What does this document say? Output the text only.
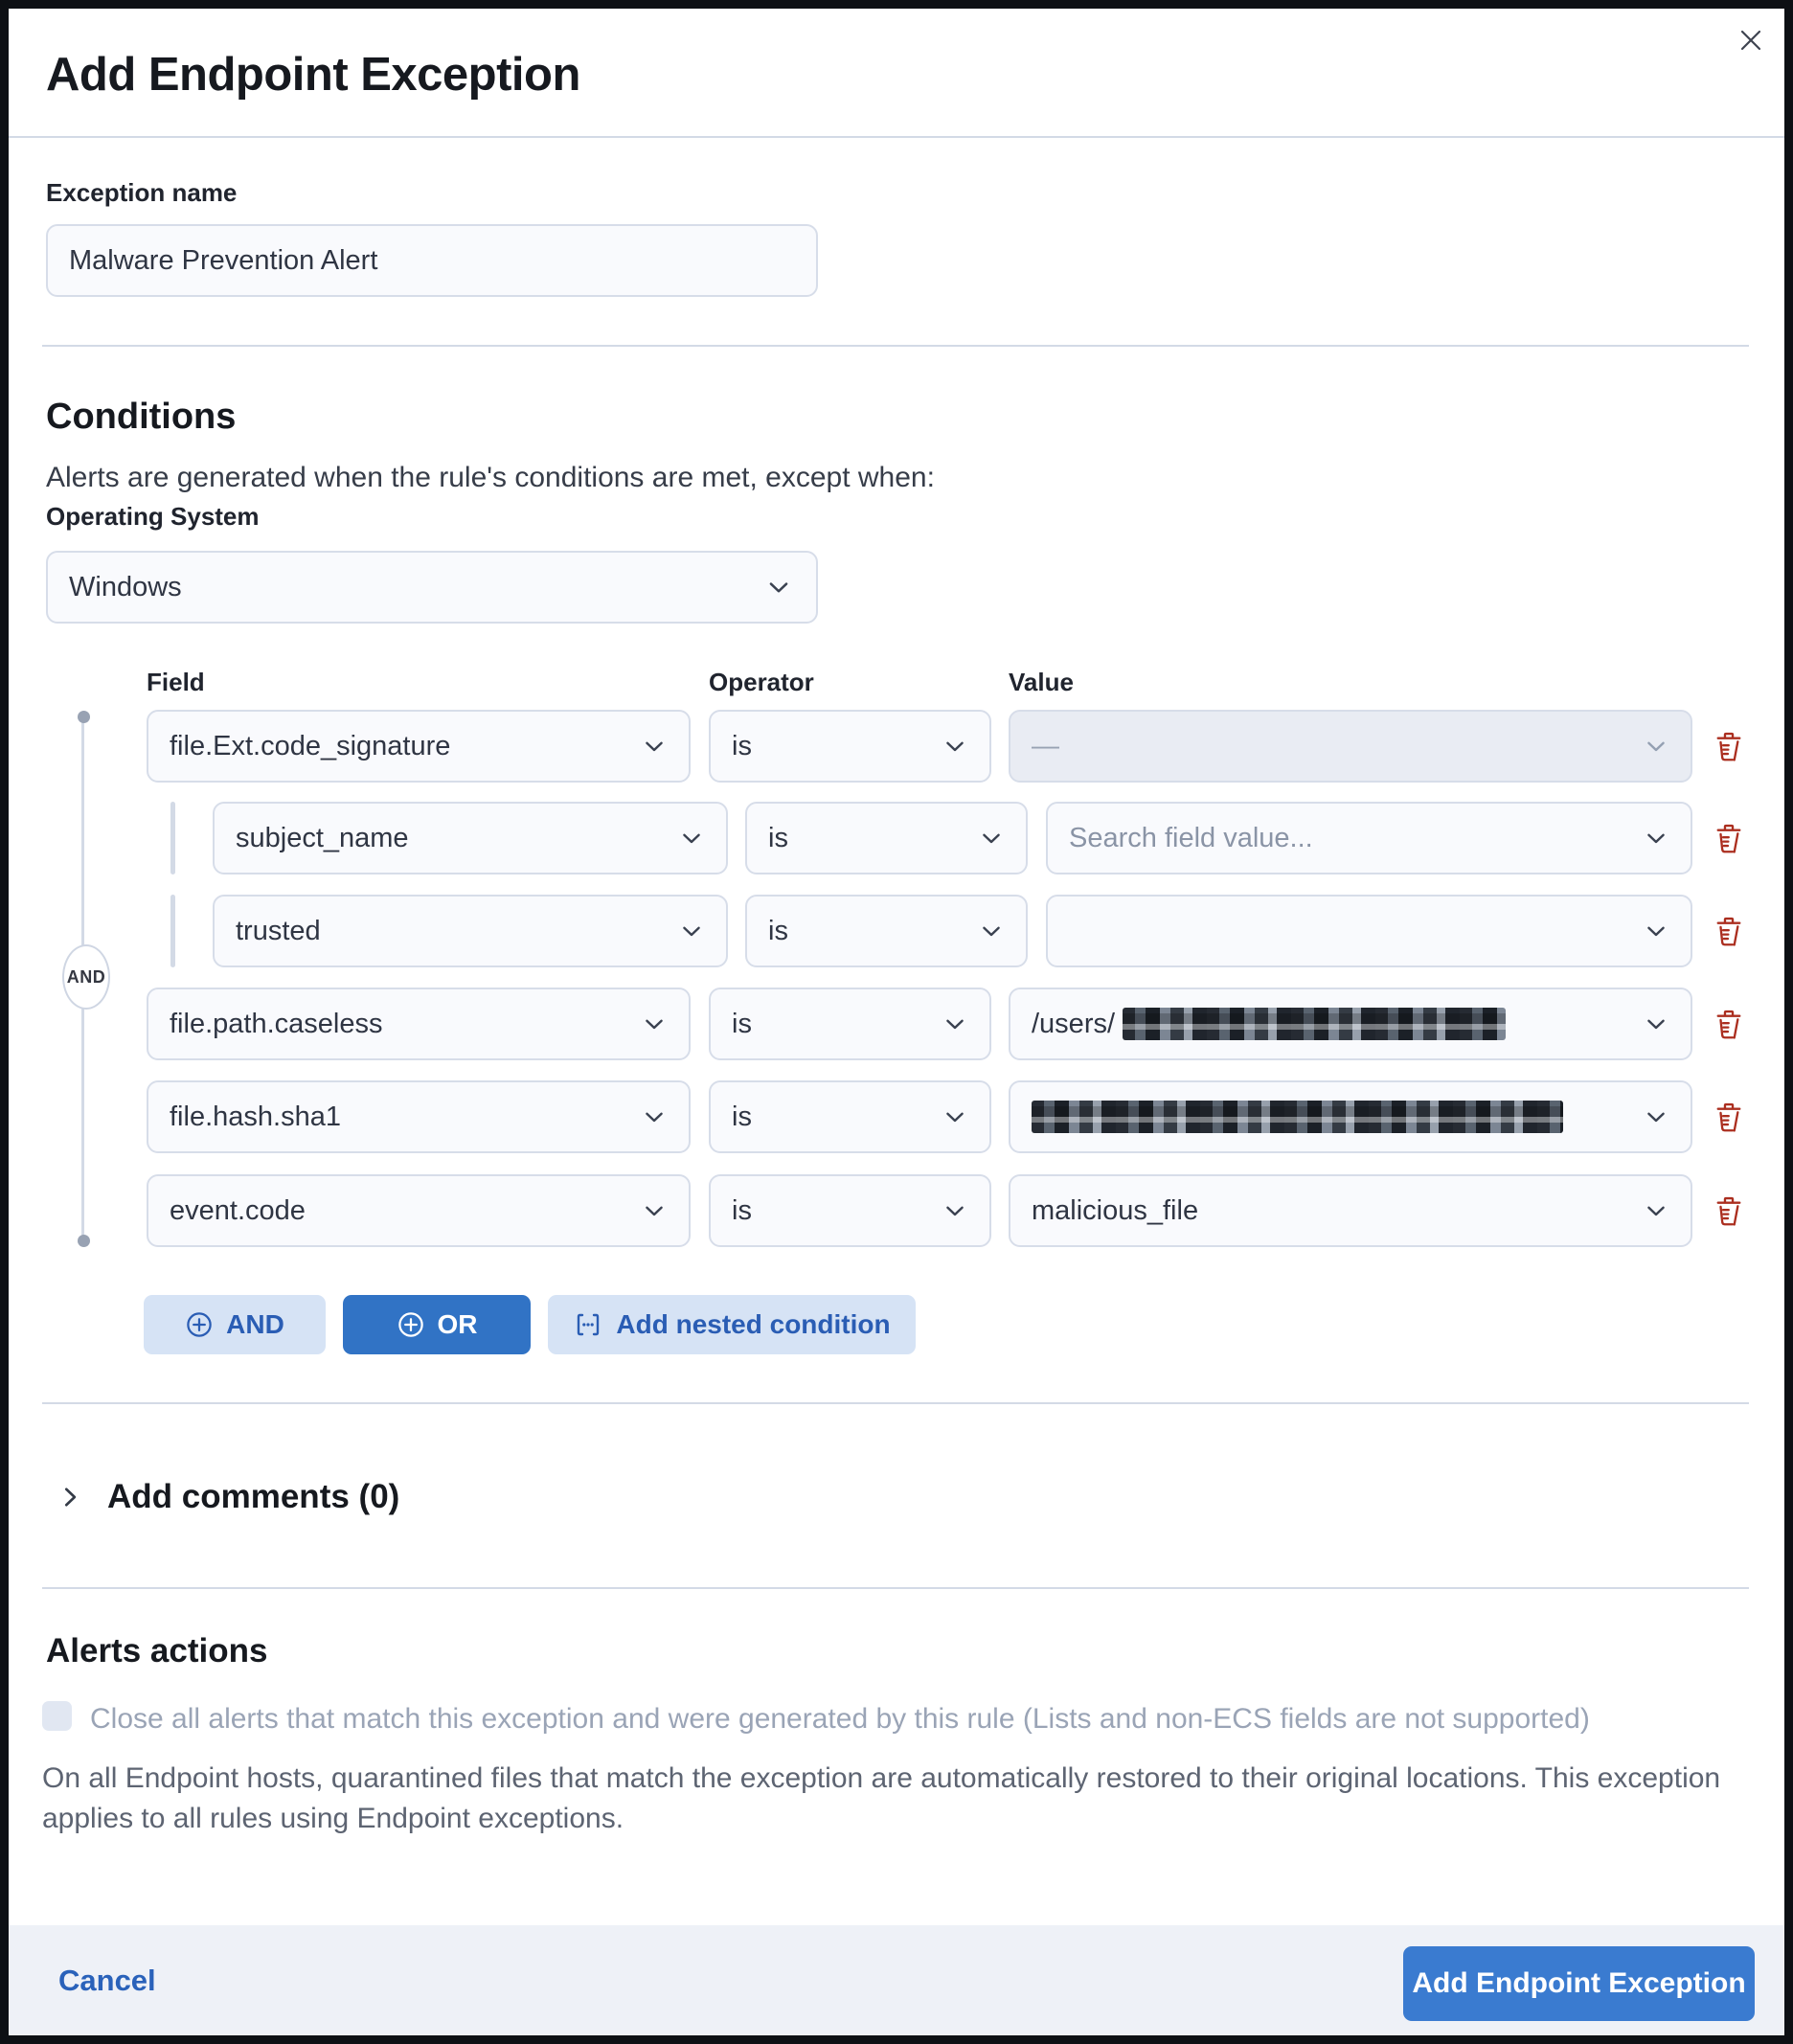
Add Endpoint Exception
Exception name
Malware Prevention Alert
Conditions
Alerts are generated when the rule's conditions are met, except when:
Operating System
Windows
Field	Operator	Value
AND
file.Ext.code_signature	is	—
subject_name	is	Search field value...
trusted	is
file.path.caseless	is	/users/
file.hash.sha1	is
event.code	is	malicious_file
AND	OR	Add nested condition
Add comments (0)
Alerts actions
Close all alerts that match this exception and were generated by this rule (Lists and non-ECS fields are not supported)
On all Endpoint hosts, quarantined files that match the exception are automatically restored to their original locations. This exception applies to all rules using Endpoint exceptions.
Cancel	Add Endpoint Exception
